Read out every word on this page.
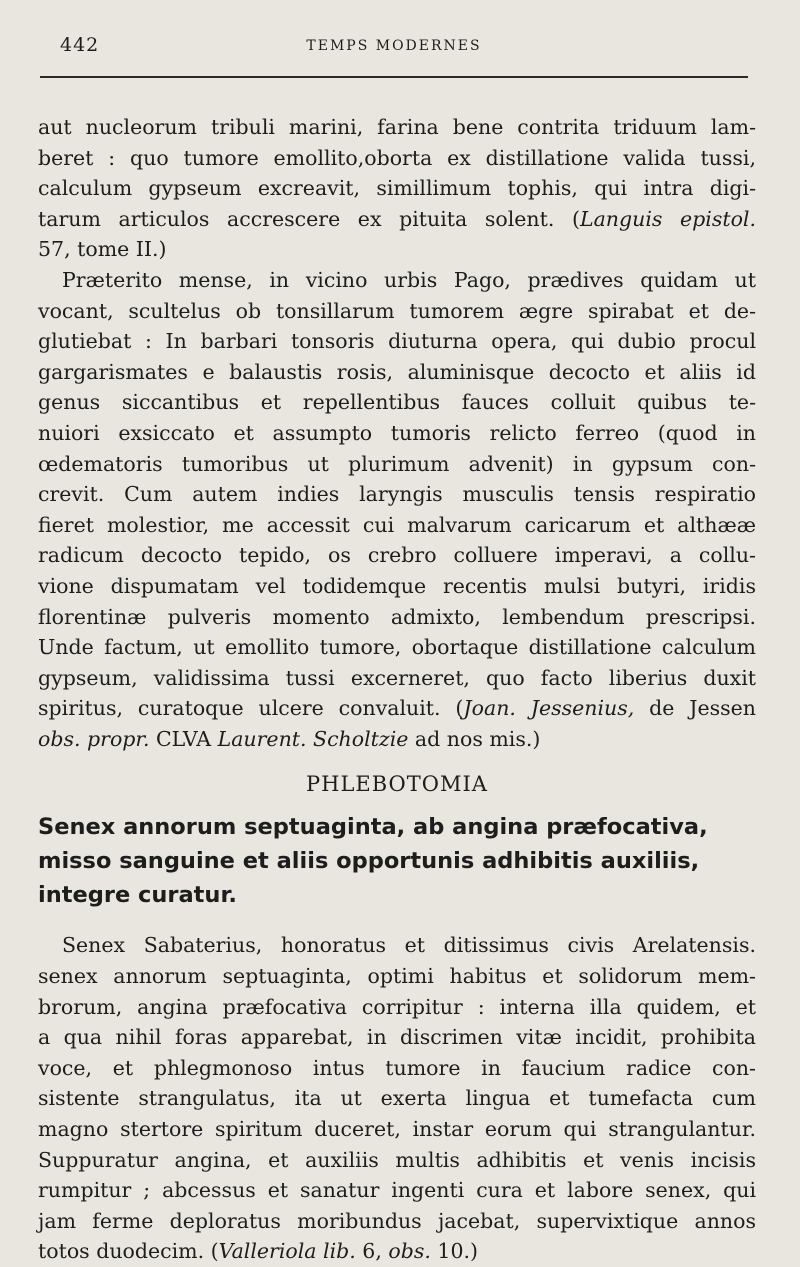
442	TEMPS MODERNES

aut nucleorum tribuli marini, farina bene contrita triduum lam-

beret : quo tumore emollito,oborta ex distillatione valida tussi,

calculum gypseum excreavit, simillimum tophis, qui intra digi-

tarum articulos accrescere ex pituita solent. (Languis epistol.

57, tome II.)

Præterito mense, in vicino urbis Pago, prædives quidam ut

vocant, scultelus ob tonsillarum tumorem ægre spirabat et de-

glutiebat : In barbari tonsoris diuturna opera, qui dubio procul

gargarismates e balaustis rosis, aluminisque decocto et aliis id

genus siccantibus et repellentibus fauces colluit quibus te-

nuiori exsiccato et assumpto tumoris relicto ferreo (quod in

œdematoris tumoribus ut plurimum advenit) in gypsum con-

crevit. Cum autem indies laryngis musculis tensis respiratio

fieret molestior, me accessit cui malvarum caricarum et althææ

radicum decocto tepido, os crebro colluere imperavi, a collu-

vione dispumatam vel todidemque recentis mulsi butyri, iridis

florentinæ pulveris momento admixto, lembendum prescripsi.

Unde factum, ut emollito tumore, obortaque distillatione calculum

gypseum, validissima tussi excerneret, quo facto liberius duxit

spiritus, curatoque ulcere convaluit. (Joan. Jessenius, de Jessen

obs. propr. CLVA Laurent. Scholtzie ad nos mis.)

PHLEBOTOMIA
Senex annorum septuaginta, ab angina præfocativa,
misso sanguine et aliis opportunis adhibitis auxiliis,
integre curatur.

Senex Sabaterius, honoratus et ditissimus civis Arelatensis.

senex annorum septuaginta, optimi habitus et solidorum mem-

brorum, angina præfocativa corripitur : interna illa quidem, et

a qua nihil foras apparebat, in discrimen vitæ incidit, prohibita

voce, et phlegmonoso intus tumore in faucium radice con-

sistente strangulatus, ita ut exerta lingua et tumefacta cum

magno stertore spiritum duceret, instar eorum qui strangulantur.

Suppuratur angina, et auxiliis multis adhibitis et venis incisis

rumpitur ; abcessus et sanatur ingenti cura et labore senex, qui

jam ferme deploratus moribundus jacebat, supervixtique annos

totos duodecim. (Valleriola lib. 6, obs. 10.)
